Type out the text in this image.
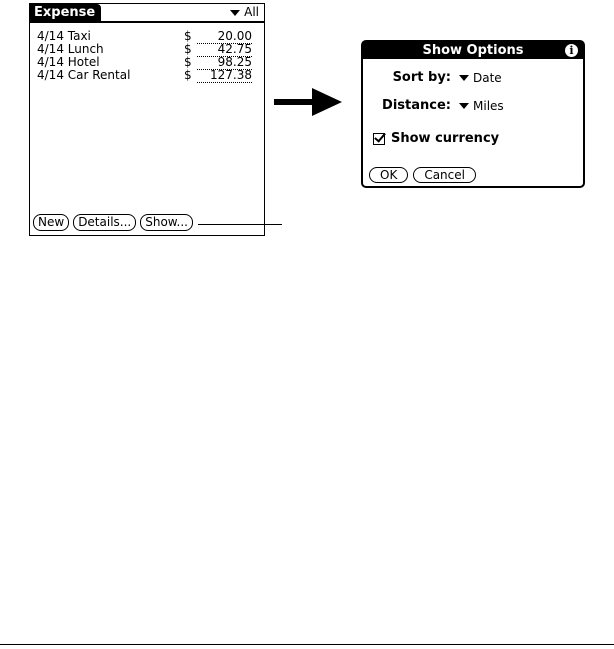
Expense	All
4/14 Taxi	$	20.00
4/14 Lunch	$	42.75
4/14 Hotel	$	98.25
4/14 Car Rental	$	127.38
New	Details...	Show...
Show Options	i
Sort by: Date
Distance: Miles
Show currency
OK	Cancel
